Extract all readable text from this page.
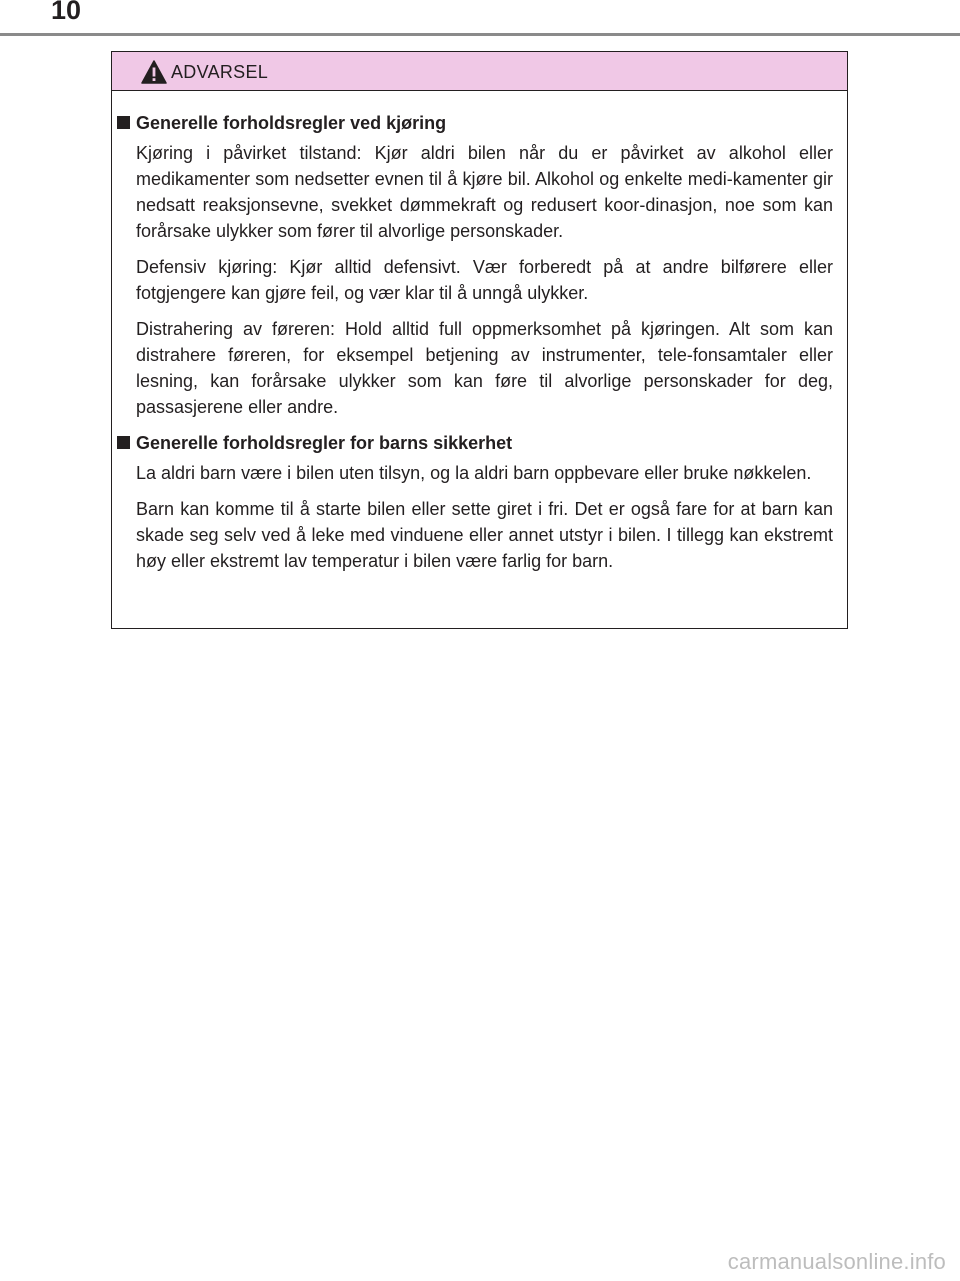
10
ADVARSEL
Generelle forholdsregler ved kjøring

Kjøring i påvirket tilstand: Kjør aldri bilen når du er påvirket av alkohol eller medikamenter som nedsetter evnen til å kjøre bil. Alkohol og enkelte medi-kamenter gir nedsatt reaksjonsevne, svekket dømmekraft og redusert koor-dinasjon, noe som kan forårsake ulykker som fører til alvorlige personskader.

Defensiv kjøring: Kjør alltid defensivt. Vær forberedt på at andre bilførere eller fotgjengere kan gjøre feil, og vær klar til å unngå ulykker.

Distrahering av føreren: Hold alltid full oppmerksomhet på kjøringen. Alt som kan distrahere føreren, for eksempel betjening av instrumenter, tele-fonsamtaler eller lesning, kan forårsake ulykker som kan føre til alvorlige personskader for deg, passasjerene eller andre.

Generelle forholdsregler for barns sikkerhet

La aldri barn være i bilen uten tilsyn, og la aldri barn oppbevare eller bruke nøkkelen.

Barn kan komme til å starte bilen eller sette giret i fri. Det er også fare for at barn kan skade seg selv ved å leke med vinduene eller annet utstyr i bilen. I tillegg kan ekstremt høy eller ekstremt lav temperatur i bilen være farlig for barn.

carmanualsonline.info
